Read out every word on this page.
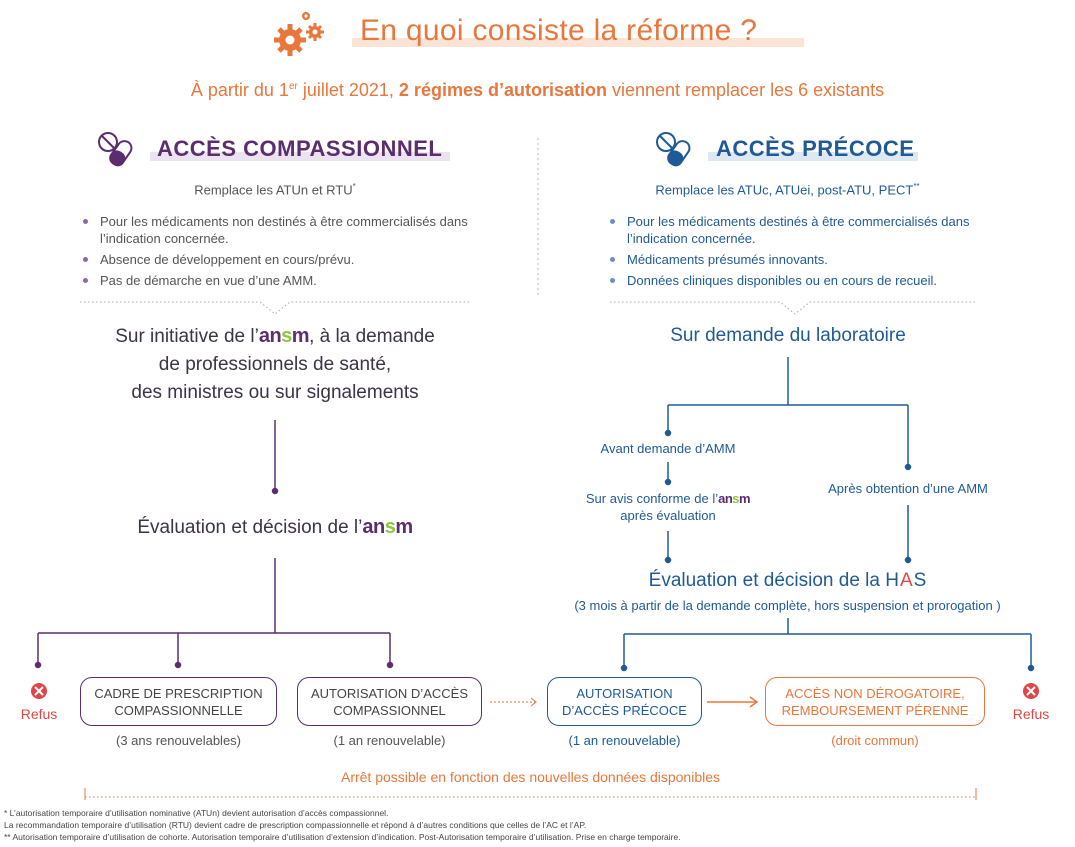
En quoi consiste la réforme ?
À partir du 1er juillet 2021, 2 régimes d’autorisation viennent remplacer les 6 existants
ACCÈS COMPASSIONNEL
Remplace les ATUn et RTU*
Pour les médicaments non destinés à être commercialisés dans l’indication concernée.
Absence de développement en cours/prévu.
Pas de démarche en vue d’une AMM.
Sur initiative de l’ansm, à la demande
de professionnels de santé,
des ministres ou sur signalements
Évaluation et décision de l’ansm
Refus
CADRE DE PRESCRIPTION COMPASSIONNELLE
(3 ans renouvelables)
AUTORISATION D’ACCÈS COMPASSIONNEL
(1 an renouvelable)
ACCÈS PRÉCOCE
Remplace les ATUc, ATUei, post-ATU, PECT**
Pour les médicaments destinés à être commercialisés dans l’indication concernée.
Médicaments présumés innovants.
Données cliniques disponibles ou en cours de recueil.
Sur demande du laboratoire
Avant demande d’AMM
Sur avis conforme de l’ansm
après évaluation
Après obtention d’une AMM
Évaluation et décision de la HAS
(3 mois à partir de la demande complète, hors suspension et prorogation )
AUTORISATION D’ACCÈS PRÉCOCE
(1 an renouvelable)
ACCÈS NON DÉROGATOIRE, REMBOURSEMENT PÉRENNE
(droit commun)
Refus
Arrêt possible en fonction des nouvelles données disponibles
* L’autorisation temporaire d’utilisation nominative (ATUn) devient autorisation d’accès compassionnel.
La recommandation temporaire d’utilisation (RTU) devient cadre de prescription compassionnelle et répond à d’autres conditions que celles de l’AC et l’AP.
** Autorisation temporaire d’utilisation de cohorte. Autorisation temporaire d’utilisation d’extension d’indication. Post-Autorisation temporaire d’utilisation. Prise en charge temporaire.
